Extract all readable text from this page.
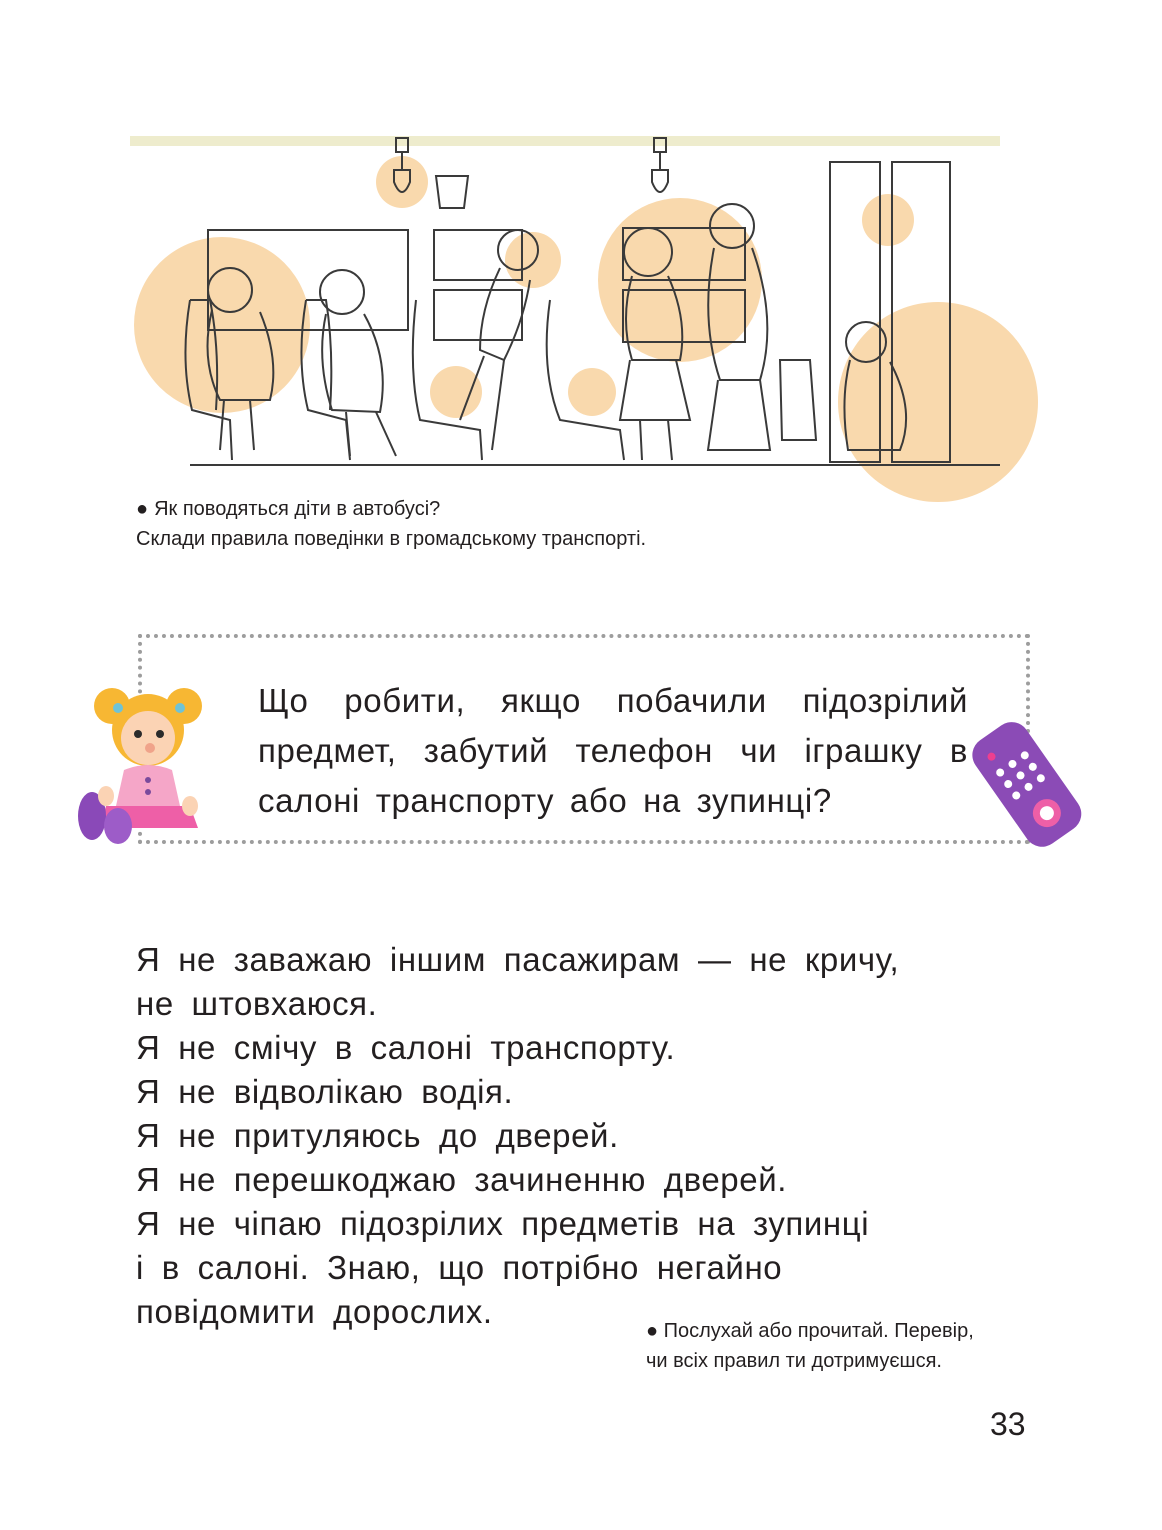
● Як поводяться діти в автобусі?
Склади правила поведінки в громадському транспорті.
Що робити, якщо побачили підозрілий предмет, забутий телефон чи іграшку в салоні транспорту або на зупинці?

Я не заважаю іншим пасажирам — не кричу,

не штовхаюся.

Я не смічу в салоні транспорту.

Я не відволікаю водія.

Я не притуляюсь до дверей.

Я не перешкоджаю зачиненню дверей.

Я не чіпаю підозрілих предметів на зупинці

і в салоні. Знаю, що потрібно негайно

повідомити дорослих.

● Послухай або прочитай. Перевір,
чи всіх правил ти дотримуєшся.
33
